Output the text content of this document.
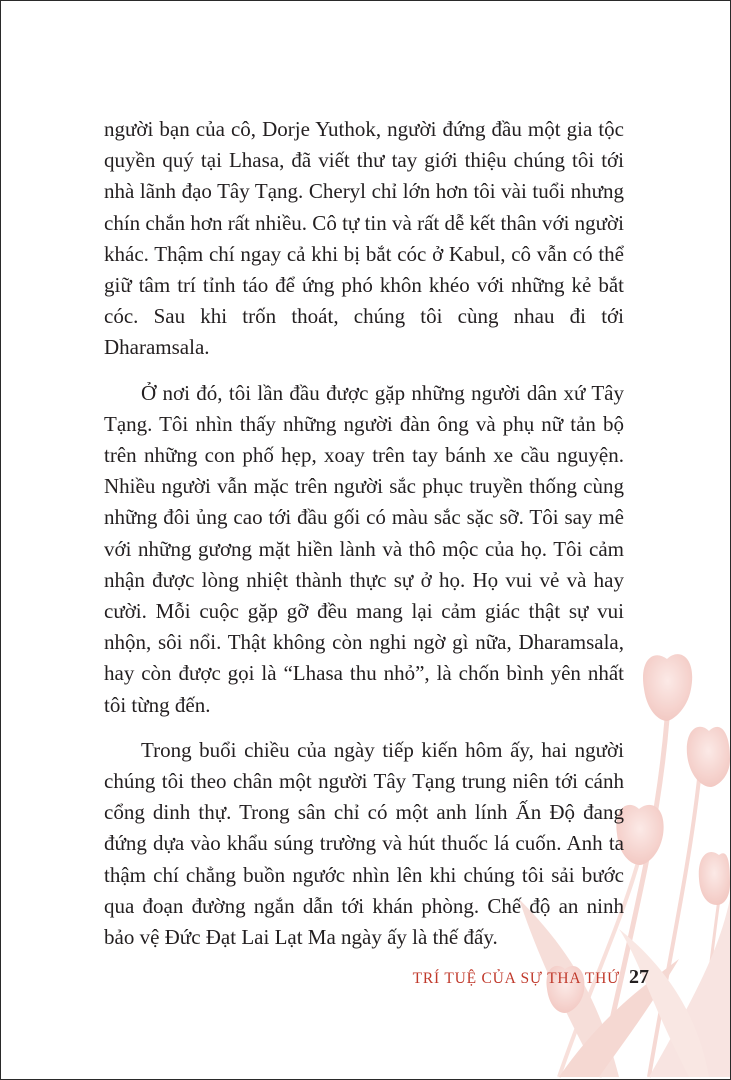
người bạn của cô, Dorje Yuthok, người đứng đầu một gia tộc quyền quý tại Lhasa, đã viết thư tay giới thiệu chúng tôi tới nhà lãnh đạo Tây Tạng. Cheryl chỉ lớn hơn tôi vài tuổi nhưng chín chắn hơn rất nhiều. Cô tự tin và rất dễ kết thân với người khác. Thậm chí ngay cả khi bị bắt cóc ở Kabul, cô vẫn có thể giữ tâm trí tỉnh táo để ứng phó khôn khéo với những kẻ bắt cóc. Sau khi trốn thoát, chúng tôi cùng nhau đi tới Dharamsala.

Ở nơi đó, tôi lần đầu được gặp những người dân xứ Tây Tạng. Tôi nhìn thấy những người đàn ông và phụ nữ tản bộ trên những con phố hẹp, xoay trên tay bánh xe cầu nguyện. Nhiều người vẫn mặc trên người sắc phục truyền thống cùng những đôi ủng cao tới đầu gối có màu sắc sặc sỡ. Tôi say mê với những gương mặt hiền lành và thô mộc của họ. Tôi cảm nhận được lòng nhiệt thành thực sự ở họ. Họ vui vẻ và hay cười. Mỗi cuộc gặp gỡ đều mang lại cảm giác thật sự vui nhộn, sôi nổi. Thật không còn nghi ngờ gì nữa, Dharamsala, hay còn được gọi là “Lhasa thu nhỏ”, là chốn bình yên nhất tôi từng đến.

Trong buổi chiều của ngày tiếp kiến hôm ấy, hai người chúng tôi theo chân một người Tây Tạng trung niên tới cánh cổng dinh thự. Trong sân chỉ có một anh lính Ấn Độ đang đứng dựa vào khẩu súng trường và hút thuốc lá cuốn. Anh ta thậm chí chẳng buồn ngước nhìn lên khi chúng tôi sải bước qua đoạn đường ngắn dẫn tới khán phòng. Chế độ an ninh bảo vệ Đức Đạt Lai Lạt Ma ngày ấy là thế đấy.

TRÍ TUỆ CỦA SỰ THA THỨ 27
